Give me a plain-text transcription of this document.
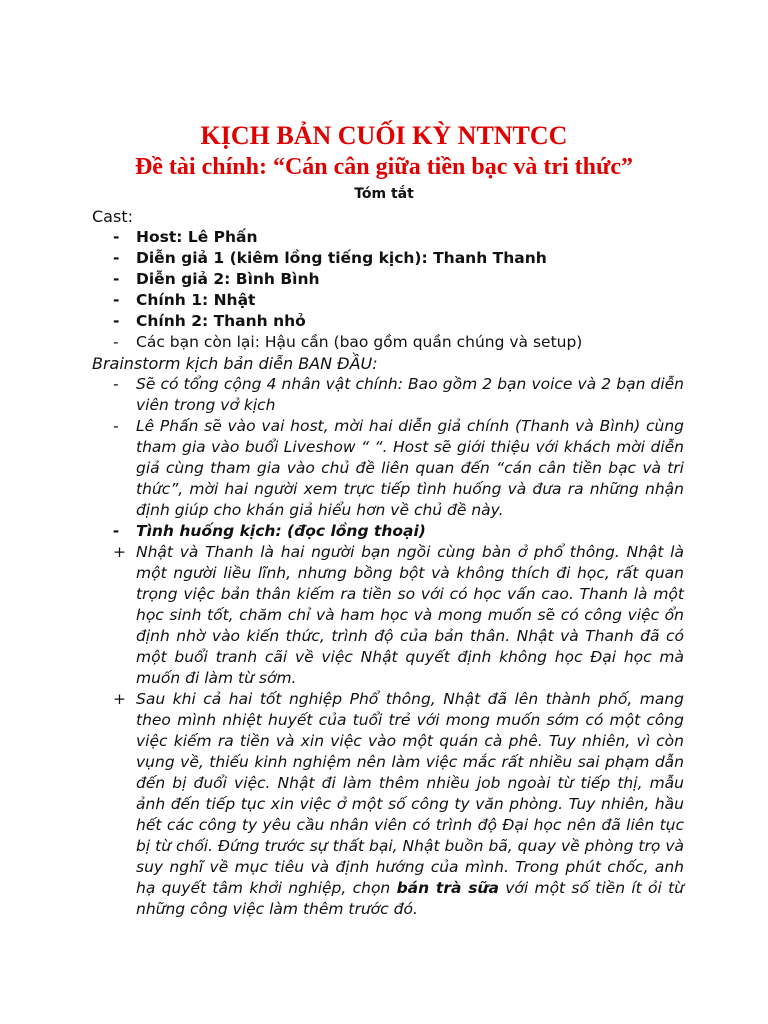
KỊCH BẢN CUỐI KỲ NTNTCC
Đề tài chính: “Cán cân giữa tiền bạc và tri thức”

Tóm tắt

Cast:

-	Host: Lê Phấn
-	Diễn giả 1 (kiêm lồng tiếng kịch): Thanh Thanh
-	Diễn giả 2: Bình Bình
-	Chính 1: Nhật
-	Chính 2: Thanh nhỏ
-	Các bạn còn lại: Hậu cần (bao gồm quần chúng và setup)

Brainstorm kịch bản diễn BAN ĐẦU:

-	Sẽ có tổng cộng 4 nhân vật chính: Bao gồm 2 bạn voice và 2 bạn diễn viên trong vở kịch
-	Lê Phấn sẽ vào vai host, mời hai diễn giả chính (Thanh và Bình) cùng tham gia vào buổi Liveshow “ “. Host sẽ giới thiệu với khách mời diễn giả cùng tham gia vào chủ đề liên quan đến “cán cân tiền bạc và tri thức”, mời hai người xem trực tiếp tình huống và đưa ra những nhận định giúp cho khán giả hiểu hơn về chủ đề này.
-	Tình huống kịch: (đọc lồng thoại)
+ Nhật và Thanh là hai người bạn ngồi cùng bàn ở phổ thông. Nhật là một người liều lĩnh, nhưng bồng bột và không thích đi học, rất quan trọng việc bản thân kiếm ra tiền so với có học vấn cao. Thanh là một học sinh tốt, chăm chỉ và ham học và mong muốn sẽ có công việc ổn định nhờ vào kiến thức, trình độ của bản thân. Nhật và Thanh đã có một buổi tranh cãi về việc Nhật quyết định không học Đại học mà muốn đi làm từ sớm.
+ Sau khi cả hai tốt nghiệp Phổ thông, Nhật đã lên thành phố, mang theo mình nhiệt huyết của tuổi trẻ với mong muốn sớm có một công việc kiếm ra tiền và xin việc vào một quán cà phê. Tuy nhiên, vì còn vụng về, thiếu kinh nghiệm nên làm việc mắc rất nhiều sai phạm dẫn đến bị đuổi việc. Nhật đi làm thêm nhiều job ngoài từ tiếp thị, mẫu ảnh đến tiếp tục xin việc ở một số công ty văn phòng. Tuy nhiên, hầu hết các công ty yêu cầu nhân viên có trình độ Đại học nên đã liên tục bị từ chối. Đứng trước sự thất bại, Nhật buồn bã, quay về phòng trọ và suy nghĩ về mục tiêu và định hướng của mình. Trong phút chốc, anh hạ quyết tâm khởi nghiệp, chọn bán trà sữa với một số tiền ít ỏi từ những công việc làm thêm trước đó.
